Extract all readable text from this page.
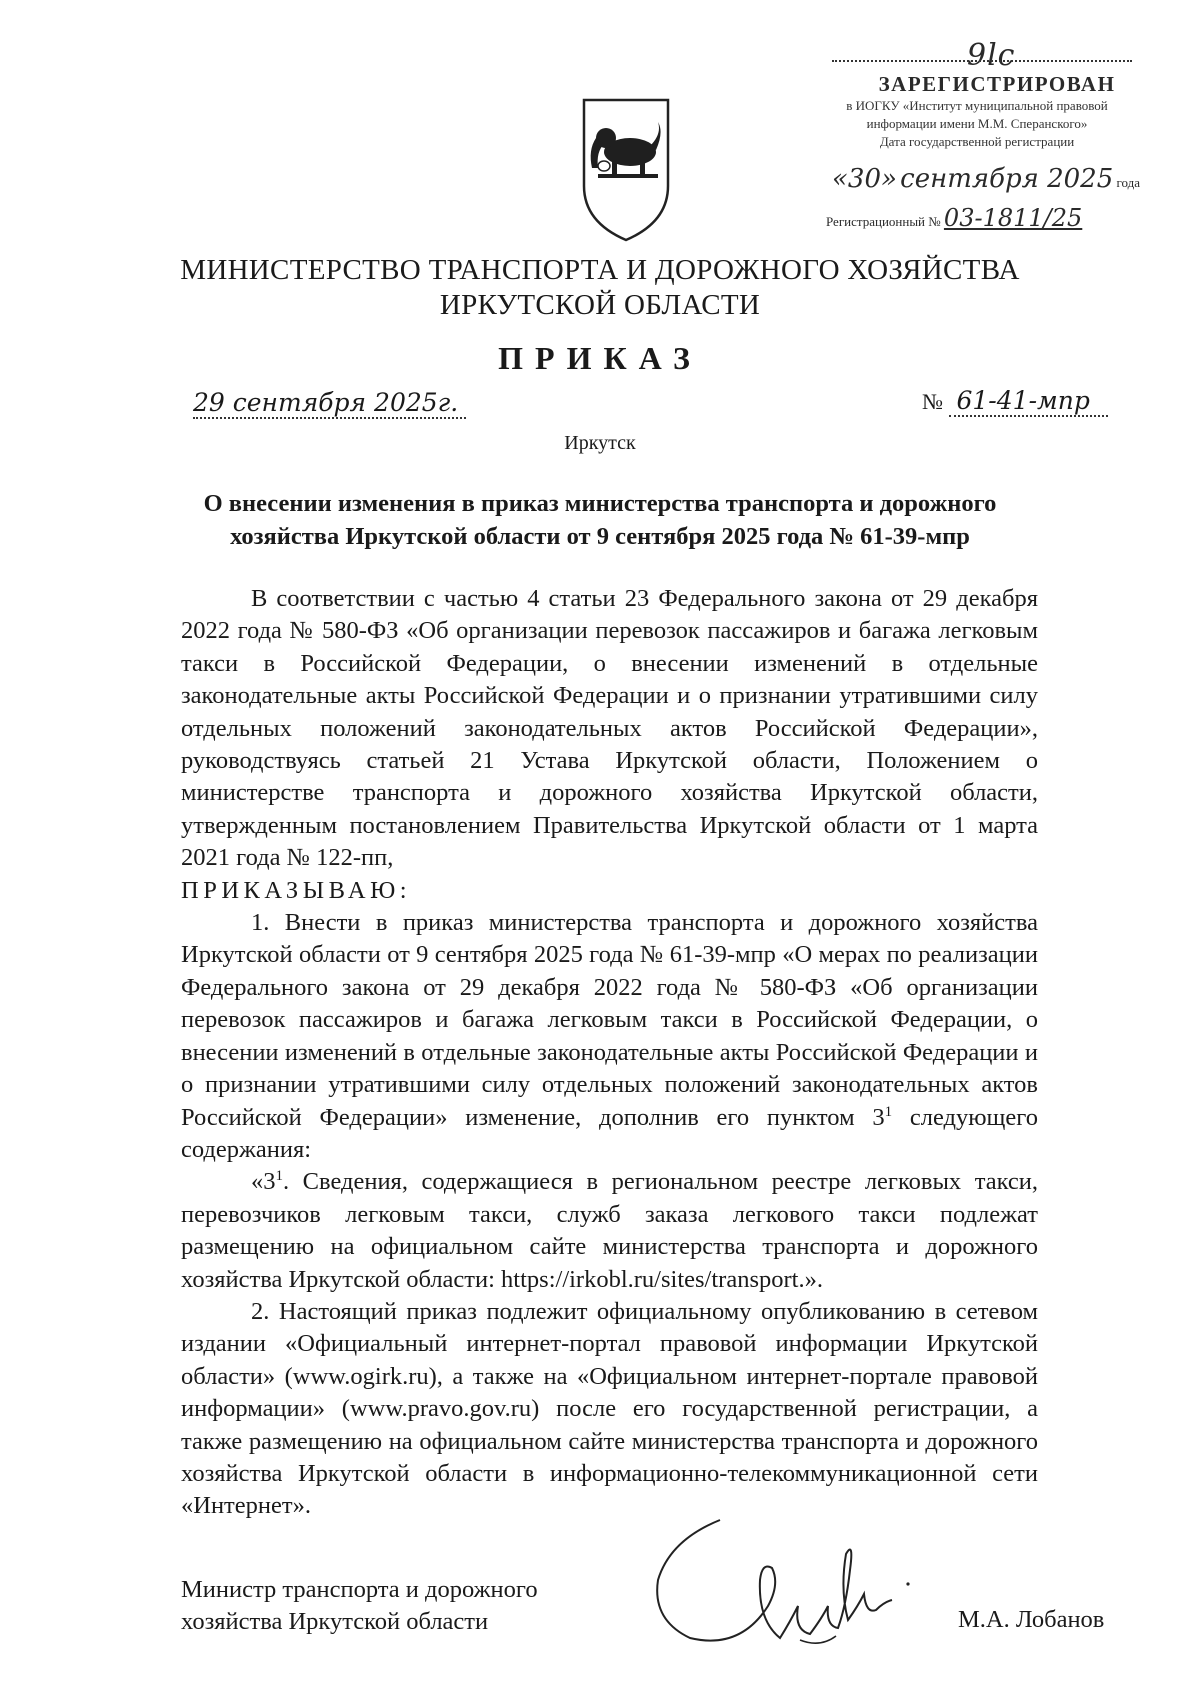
9lc
ЗАРЕГИСТРИРОВАН
в ИОГКУ «Институт муниципальной правовой
информации имени М.М. Сперанского»
Дата государственной регистрации
«30» сентября 2025 года
Регистрационный № 03-1811/25
МИНИСТЕРСТВО ТРАНСПОРТА И ДОРОЖНОГО ХОЗЯЙСТВА
ИРКУТСКОЙ ОБЛАСТИ
ПРИКАЗ
29 сентября 2025г.	№ 61-41-мпр
Иркутск
О внесении изменения в приказ министерства транспорта и дорожного хозяйства Иркутской области от 9 сентября 2025 года № 61-39-мпр

В соответствии с частью 4 статьи 23 Федерального закона от 29 декабря 2022 года № 580-ФЗ «Об организации перевозок пассажиров и багажа легковым такси в Российской Федерации, о внесении изменений в отдельные законодательные акты Российской Федерации и о признании утратившими силу отдельных положений законодательных актов Российской Федерации», руководствуясь статьей 21 Устава Иркутской области, Положением о министерстве транспорта и дорожного хозяйства Иркутской области, утвержденным постановлением Правительства Иркутской области от 1 марта 2021 года № 122-пп,

ПРИКАЗЫВАЮ:

1. Внести в приказ министерства транспорта и дорожного хозяйства Иркутской области от 9 сентября 2025 года № 61-39-мпр «О мерах по реализации Федерального закона от 29 декабря 2022 года № 580-ФЗ «Об организации перевозок пассажиров и багажа легковым такси в Российской Федерации, о внесении изменений в отдельные законодательные акты Российской Федерации и о признании утратившими силу отдельных положений законодательных актов Российской Федерации» изменение, дополнив его пунктом $3^1$ следующего содержания:

«$3^1$. Сведения, содержащиеся в региональном реестре легковых такси, перевозчиков легковым такси, служб заказа легкового такси подлежат размещению на официальном сайте министерства транспорта и дорожного хозяйства Иркутской области: https://irkobl.ru/sites/transport.».

2. Настоящий приказ подлежит официальному опубликованию в сетевом издании «Официальный интернет-портал правовой информации Иркутской области» (www.ogirk.ru), а также на «Официальном интернет-портале правовой информации» (www.pravo.gov.ru) после его государственной регистрации, а также размещению на официальном сайте министерства транспорта и дорожного хозяйства Иркутской области в информационно-телекоммуникационной сети «Интернет».

Министр транспорта и дорожного
хозяйства Иркутской области	М.А. Лобанов
